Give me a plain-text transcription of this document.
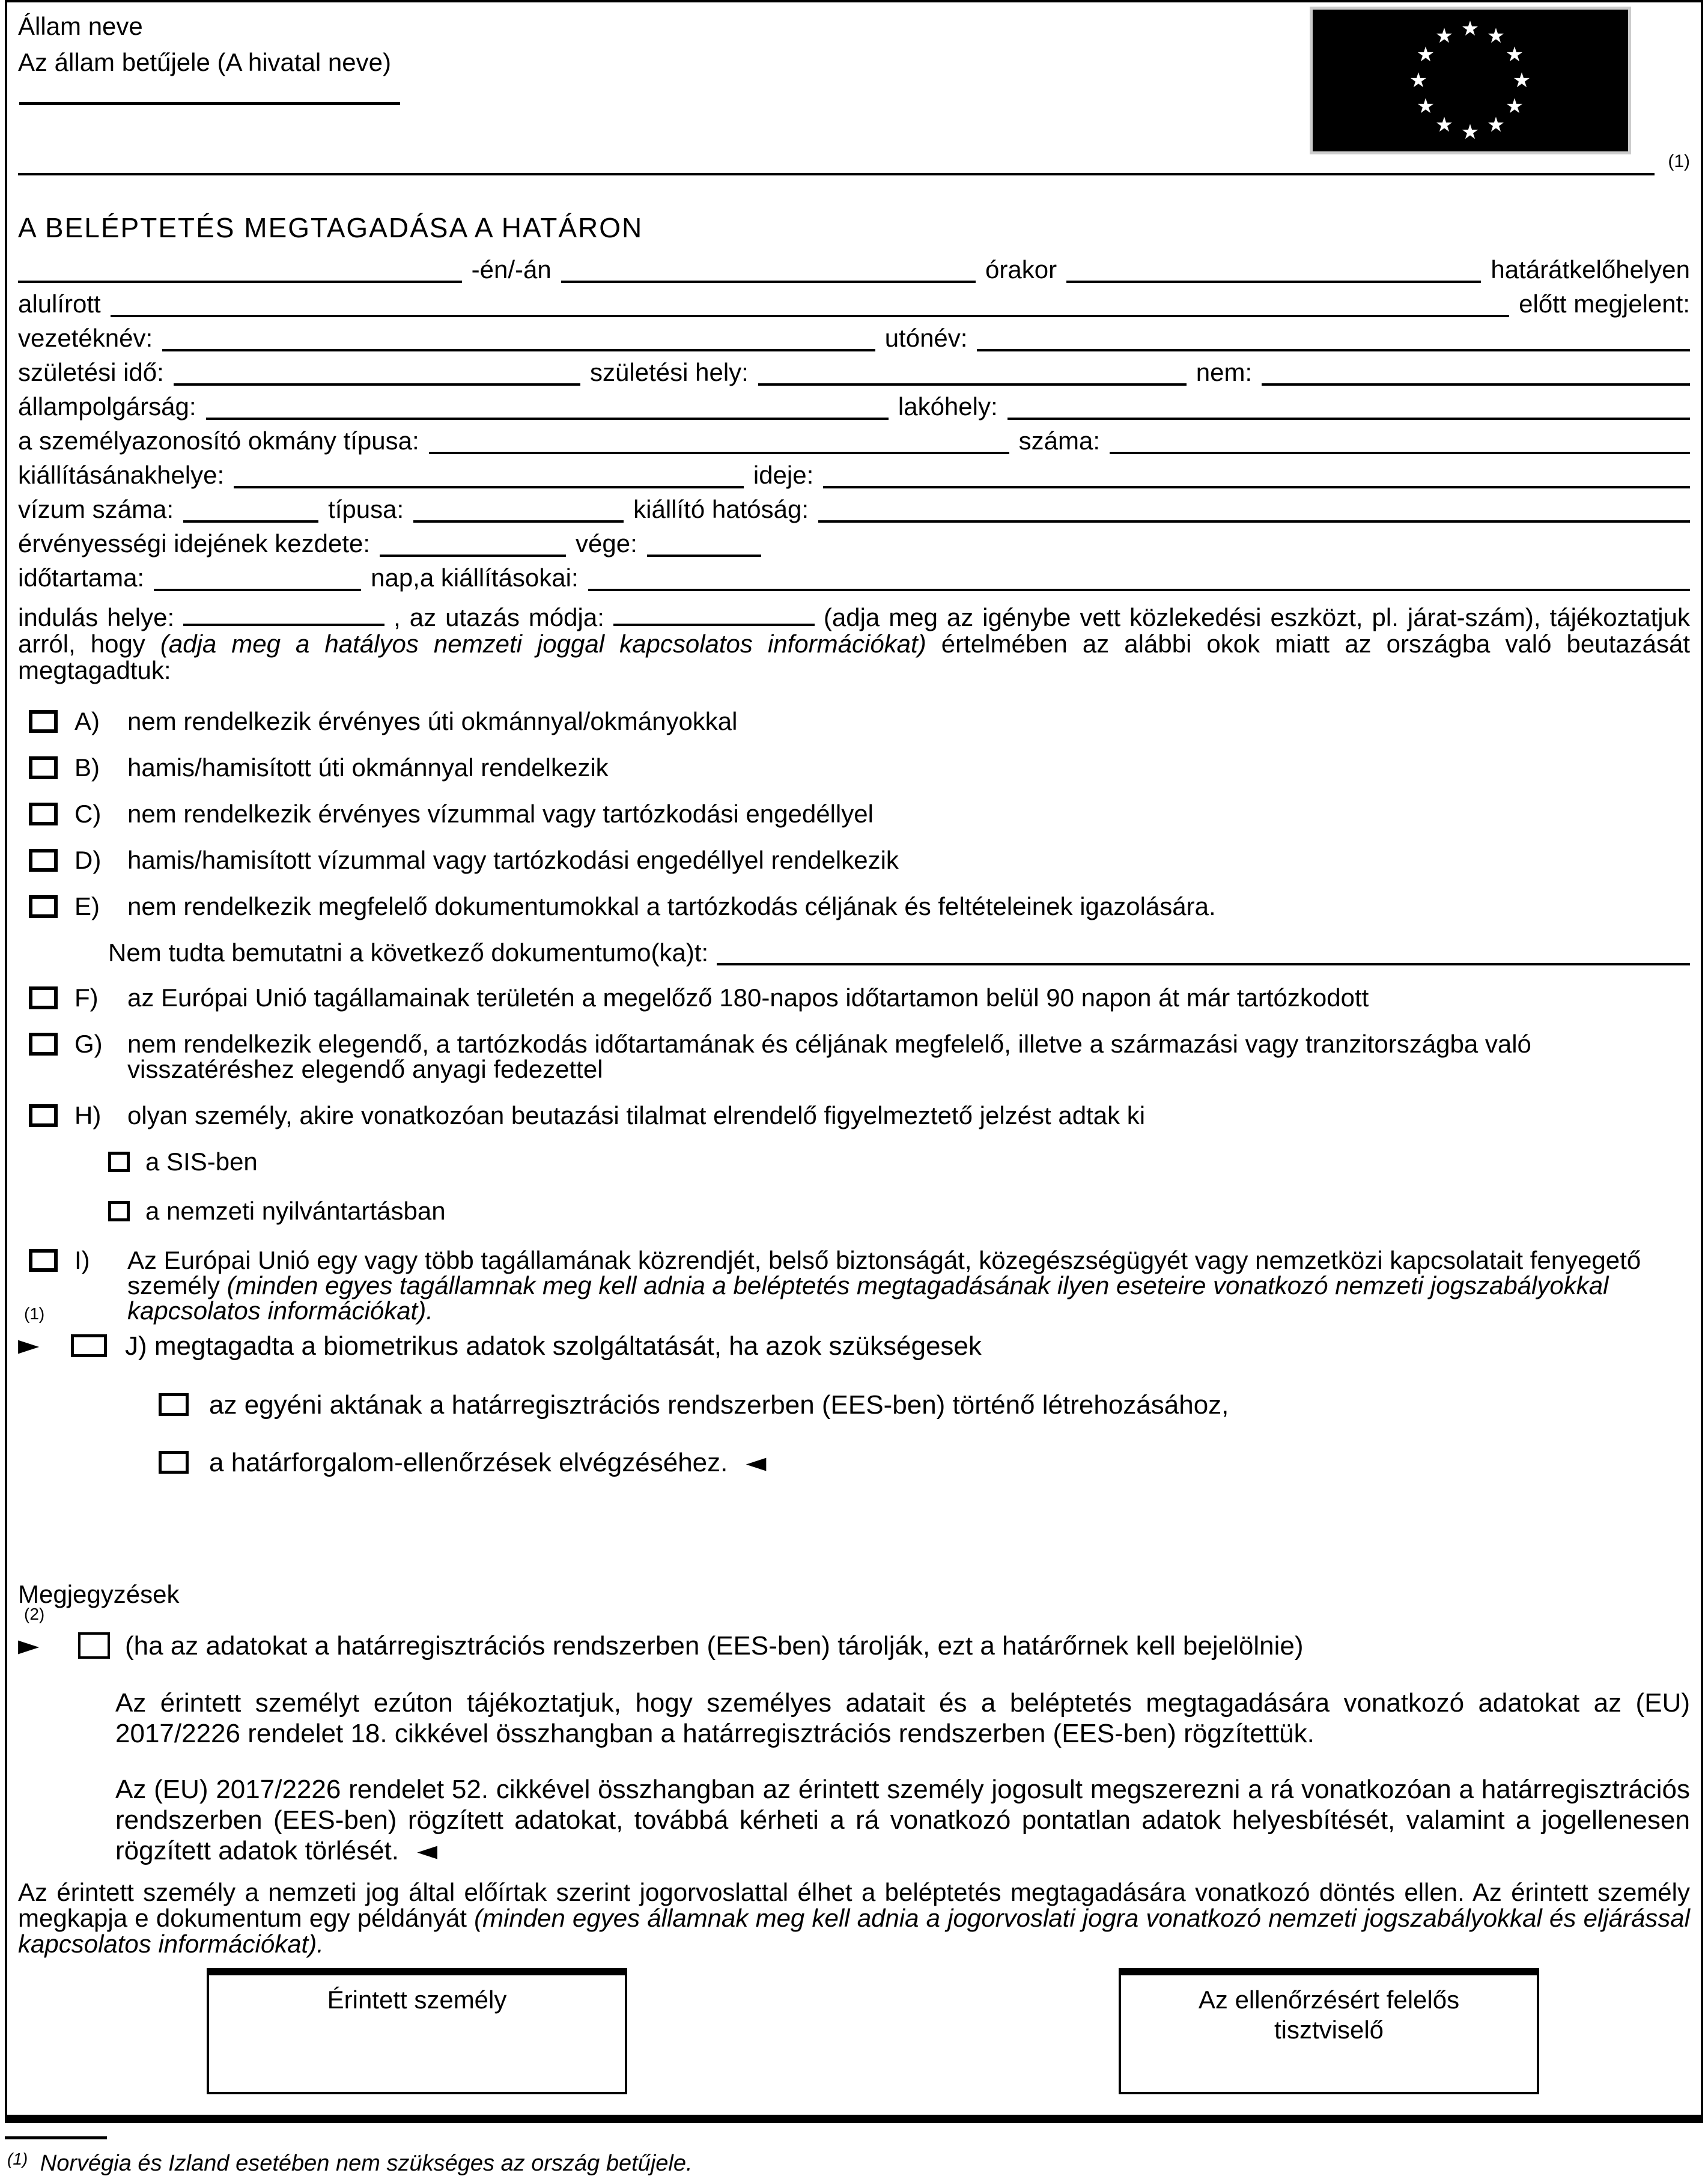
Állam neve
Az állam betűjele (A hivatal neve)
★ ★
★
★
★
★
★
★
★
★
★
★
(1)
A BELÉPTETÉS MEGTAGADÁSA A HATÁRON
-én/-án	órakor	határátkelőhelyen
alulírott	előtt megjelent:
vezetéknév:	utónév:
születési idő:	születési hely:	nem:
állampolgárság:	lakóhely:
a személyazonosító okmány típusa:	száma:
kiállításánakhelye:	ideje:
vízum száma:	típusa:	kiállító hatóság:
érvényességi idejének kezdete:	vége:
időtartama:	nap,a kiállításokai:
indulás helye:	, az utazás módja:	(adja meg az igénybe vett közlekedési eszközt, pl. járat-szám), tájékoztatjuk arról, hogy (adja meg a hatályos nemzeti joggal kapcsolatos információkat) értelmében az alábbi okok miatt az országba való beutazását megtagadtuk:
A)	nem rendelkezik érvényes úti okmánnyal/okmányokkal
B)	hamis/hamisított úti okmánnyal rendelkezik
C)	nem rendelkezik érvényes vízummal vagy tartózkodási engedéllyel
D)	hamis/hamisított vízummal vagy tartózkodási engedéllyel rendelkezik
E)	nem rendelkezik megfelelő dokumentumokkal a tartózkodás céljának és feltételeinek igazolására.
Nem tudta bemutatni a következő dokumentumo(ka)t:
F)	az Európai Unió tagállamainak területén a megelőző 180-napos időtartamon belül 90 napon át már tartózkodott
G) nem rendelkezik elegendő, a tartózkodás időtartamának és céljának megfelelő, illetve a származási vagy tranzitországba való visszatéréshez elegendő anyagi fedezettel
H)	olyan személy, akire vonatkozóan beutazási tilalmat elrendelő figyelmeztető jelzést adtak ki
a SIS-ben
a nemzeti nyilvántartásban
I)	Az Európai Unió egy vagy több tagállamának közrendjét, belső biztonságát, közegészségügyét vagy nemzetközi kapcsolatait fenyegető személy (minden egyes tagállamnak meg kell adnia a beléptetés megtagadásának ilyen eseteire vonatkozó nemzeti jogszabályokkal kapcsolatos információkat).
(1)
►	J) megtagadta a biometrikus adatok szolgáltatását, ha azok szükségesek
az egyéni aktának a határregisztrációs rendszerben (EES-ben) történő létrehozásához,
a határforgalom-ellenőrzések elvégzéséhez. ◄
Megjegyzések
(2)
►	(ha az adatokat a határregisztrációs rendszerben (EES-ben) tárolják, ezt a határőrnek kell bejelölnie)
Az érintett személyt ezúton tájékoztatjuk, hogy személyes adatait és a beléptetés megtagadására vonatkozó adatokat az (EU) 2017/2226 rendelet 18. cikkével összhangban a határregisztrációs rendszerben (EES-ben) rögzítettük.
Az (EU) 2017/2226 rendelet 52. cikkével összhangban az érintett személy jogosult megszerezni a rá vonatkozóan a határregisztrációs rendszerben (EES-ben) rögzített adatokat, továbbá kérheti a rá vonatkozó pontatlan adatok helyesbítését, valamint a jogellenesen rögzített adatok törlését. ◄
Az érintett személy a nemzeti jog által előírtak szerint jogorvoslattal élhet a beléptetés megtagadására vonatkozó döntés ellen. Az érintett személy megkapja e dokumentum egy példányát (minden egyes államnak meg kell adnia a jogorvoslati jogra vonatkozó nemzeti jogszabályokkal és eljárással kapcsolatos információkat).
Érintett személy	Az ellenőrzésért felelős
tisztviselő
$^{(1)}$ Norvégia és Izland esetében nem szükséges az ország betűjele.
